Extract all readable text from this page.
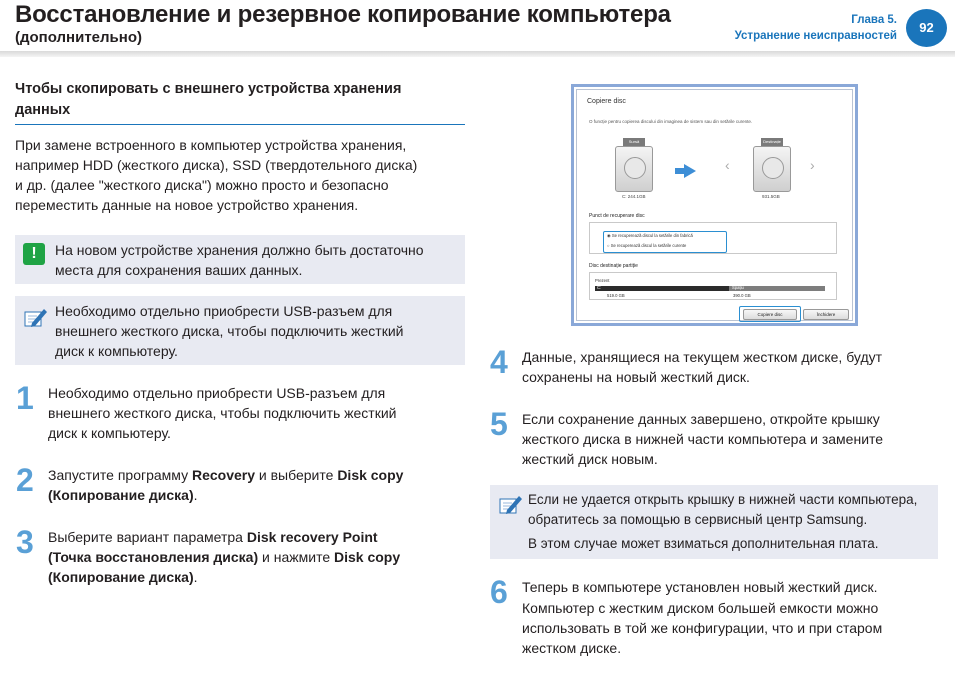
Восстановление и резервное копирование компьютера
(дополнительно)
Глава 5.
Устранение неисправностей
92
Чтобы скопировать с внешнего устройства хранения
данных
При замене встроенного в компьютер устройства хранения,
например HDD (жесткого диска), SSD (твердотельного диска)
и др. (далее "жесткого диска") можно просто и безопасно
переместить данные на новое устройство хранения.
!	На новом устройстве хранения должно быть достаточно
места для сохранения ваших данных.
Необходимо отдельно приобрести USB-разъем для
внешнего жесткого диска, чтобы подключить жесткий
диск к компьютеру.
1 Необходимо отдельно приобрести USB-разъем для
внешнего жесткого диска, чтобы подключить жесткий
диск к компьютеру.
2 Запустите программу Recovery и выберите Disk copy
(Копирование диска).
3 Выберите вариант параметра Disk recovery Point
(Точка восстановления диска) и нажмите Disk copy
(Копирование диска).
Copiere disc
O funcție pentru copierea discului din imaginea de sistem sau din setările curente.
Sursă
C: 244.1GB
‹
Destinație
931.5GB
›
Punct de recuperare disc
◉ Se recuperează discul la setările din fabrică
○ Se recuperează discul la setările curente
Disc destinație partiție
Prezent
C:	Spațiu
519.0 GB	390.0 GB
Copiere disc	Închidere
4 Данные, хранящиеся на текущем жестком диске, будут
сохранены на новый жесткий диск.
5 Если сохранение данных завершено, откройте крышку
жесткого диска в нижней части компьютера и замените
жесткий диск новым.
Если не удается открыть крышку в нижней части компьютера,
обратитесь за помощью в сервисный центр Samsung.
В этом случае может взиматься дополнительная плата.
6 Теперь в компьютере установлен новый жесткий диск.
Компьютер с жестким диском большей емкости можно
использовать в той же конфигурации, что и при старом
жестком диске.
